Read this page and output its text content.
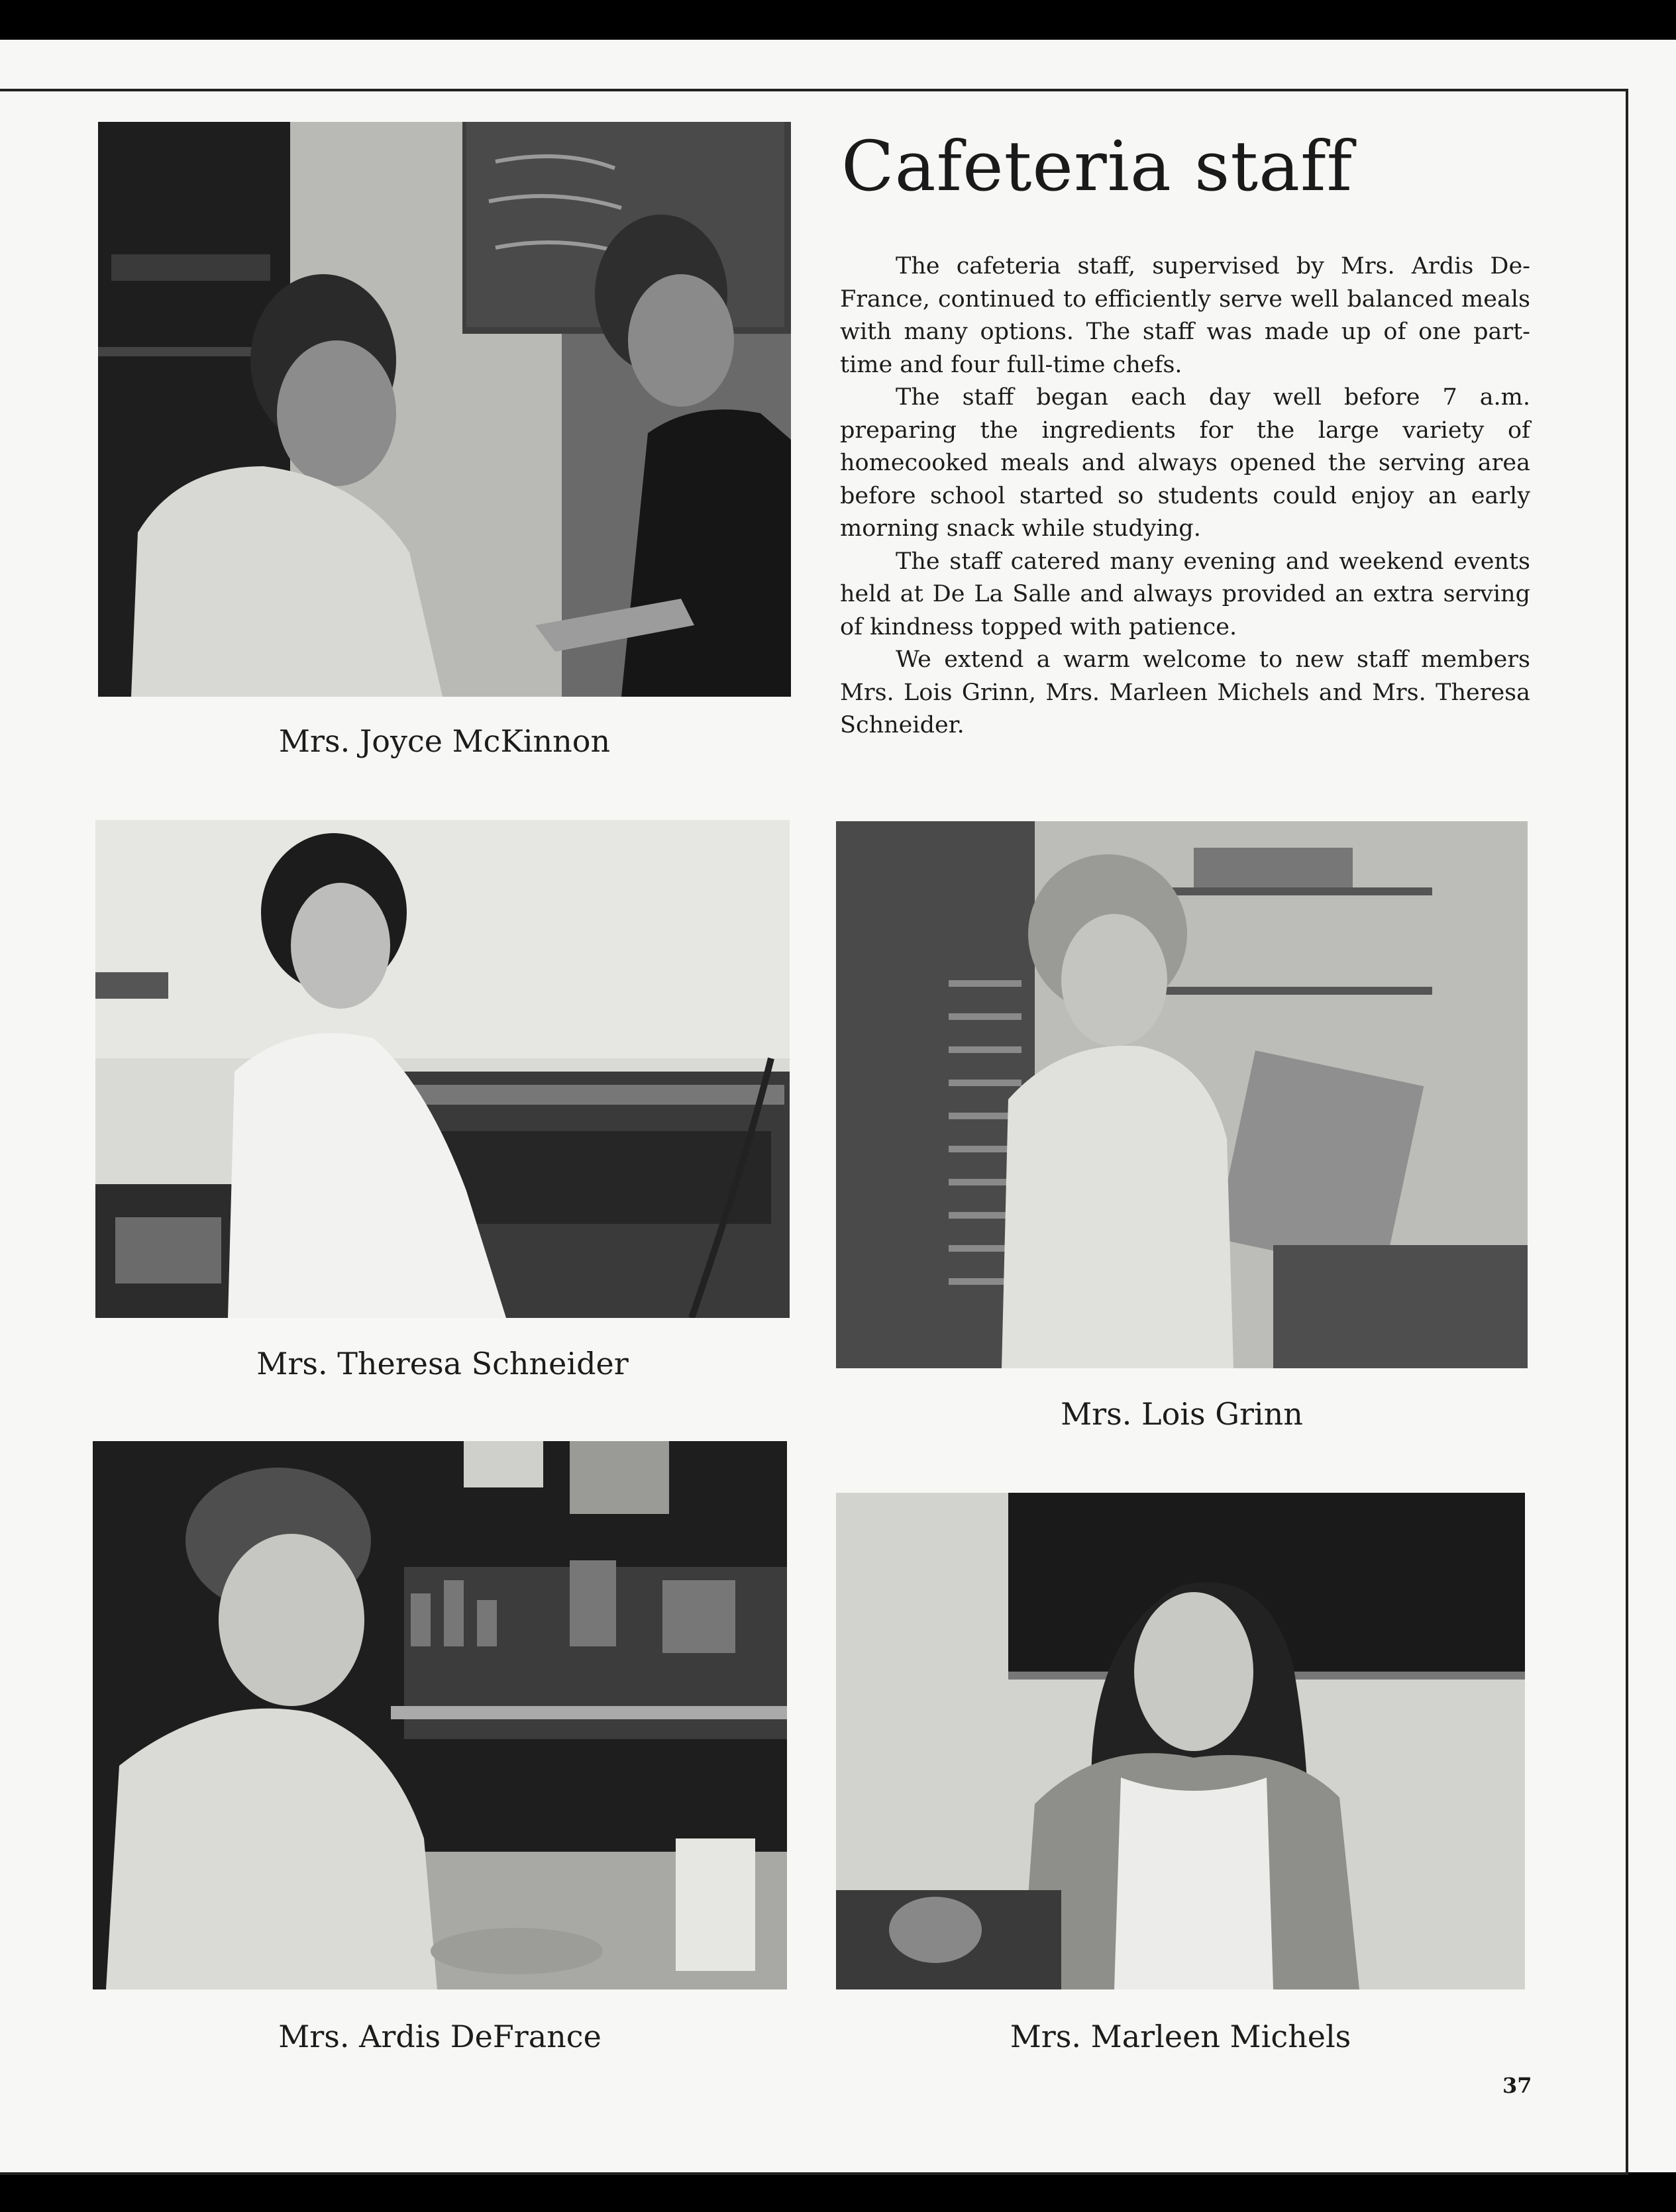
Mrs. Joyce McKinnon
Cafeteria staff

The cafeteria staff, supervised by Mrs. Ardis De-France, continued to efficiently serve well balanced meals with many options. The staff was made up of one part-time and four full-time chefs.

The staff began each day well before 7 a.m. preparing the ingredients for the large variety of homecooked meals and always opened the serving area before school started so students could enjoy an early morning snack while studying.

The staff catered many evening and weekend events held at De La Salle and always provided an extra serving of kindness topped with patience.

We extend a warm welcome to new staff members Mrs. Lois Grinn, Mrs. Marleen Michels and Mrs. Theresa Schneider.

Mrs. Theresa Schneider
Mrs. Lois Grinn
Mrs. Ardis DeFrance	Mrs. Marleen Michels
37
